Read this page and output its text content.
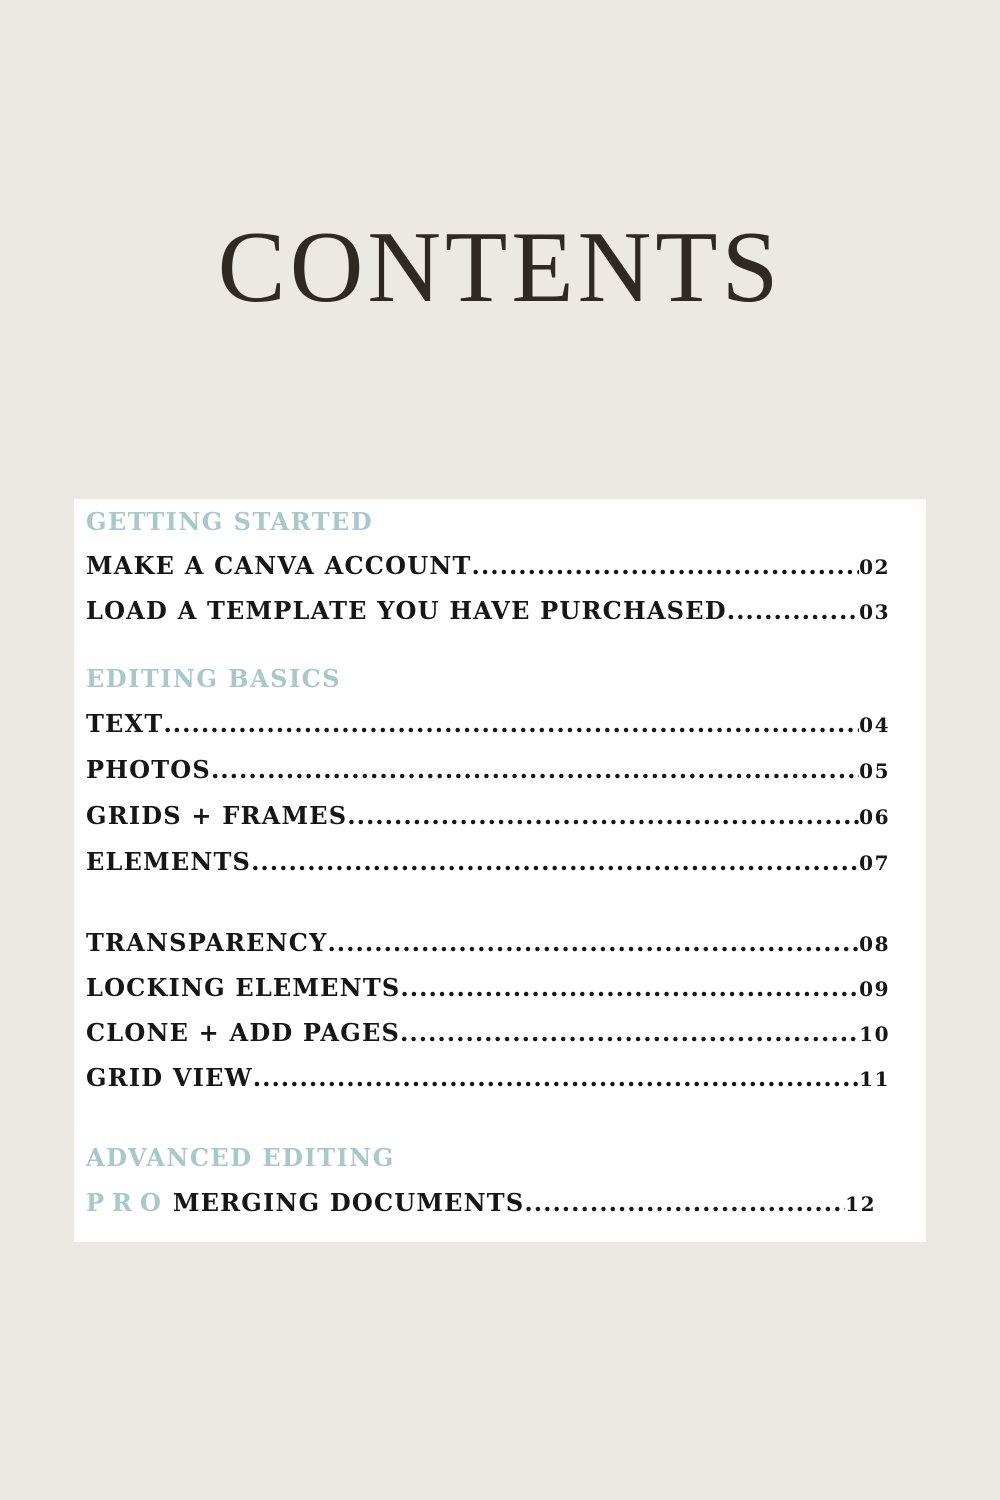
CONTENTS
GETTING STARTED
MAKE A CANVA ACCOUNT .....	02
LOAD A TEMPLATE YOU HAVE PURCHASED .....	03
EDITING BASICS
TEXT .....	04
PHOTOS .....	05
GRIDS + FRAMES .....	06
ELEMENTS .....	07
TRANSPARENCY .....	08
LOCKING ELEMENTS .....	09
CLONE + ADD PAGES .....	10
GRID VIEW .....	11
ADVANCED EDITING
PRO MERGING DOCUMENTS .....	12
